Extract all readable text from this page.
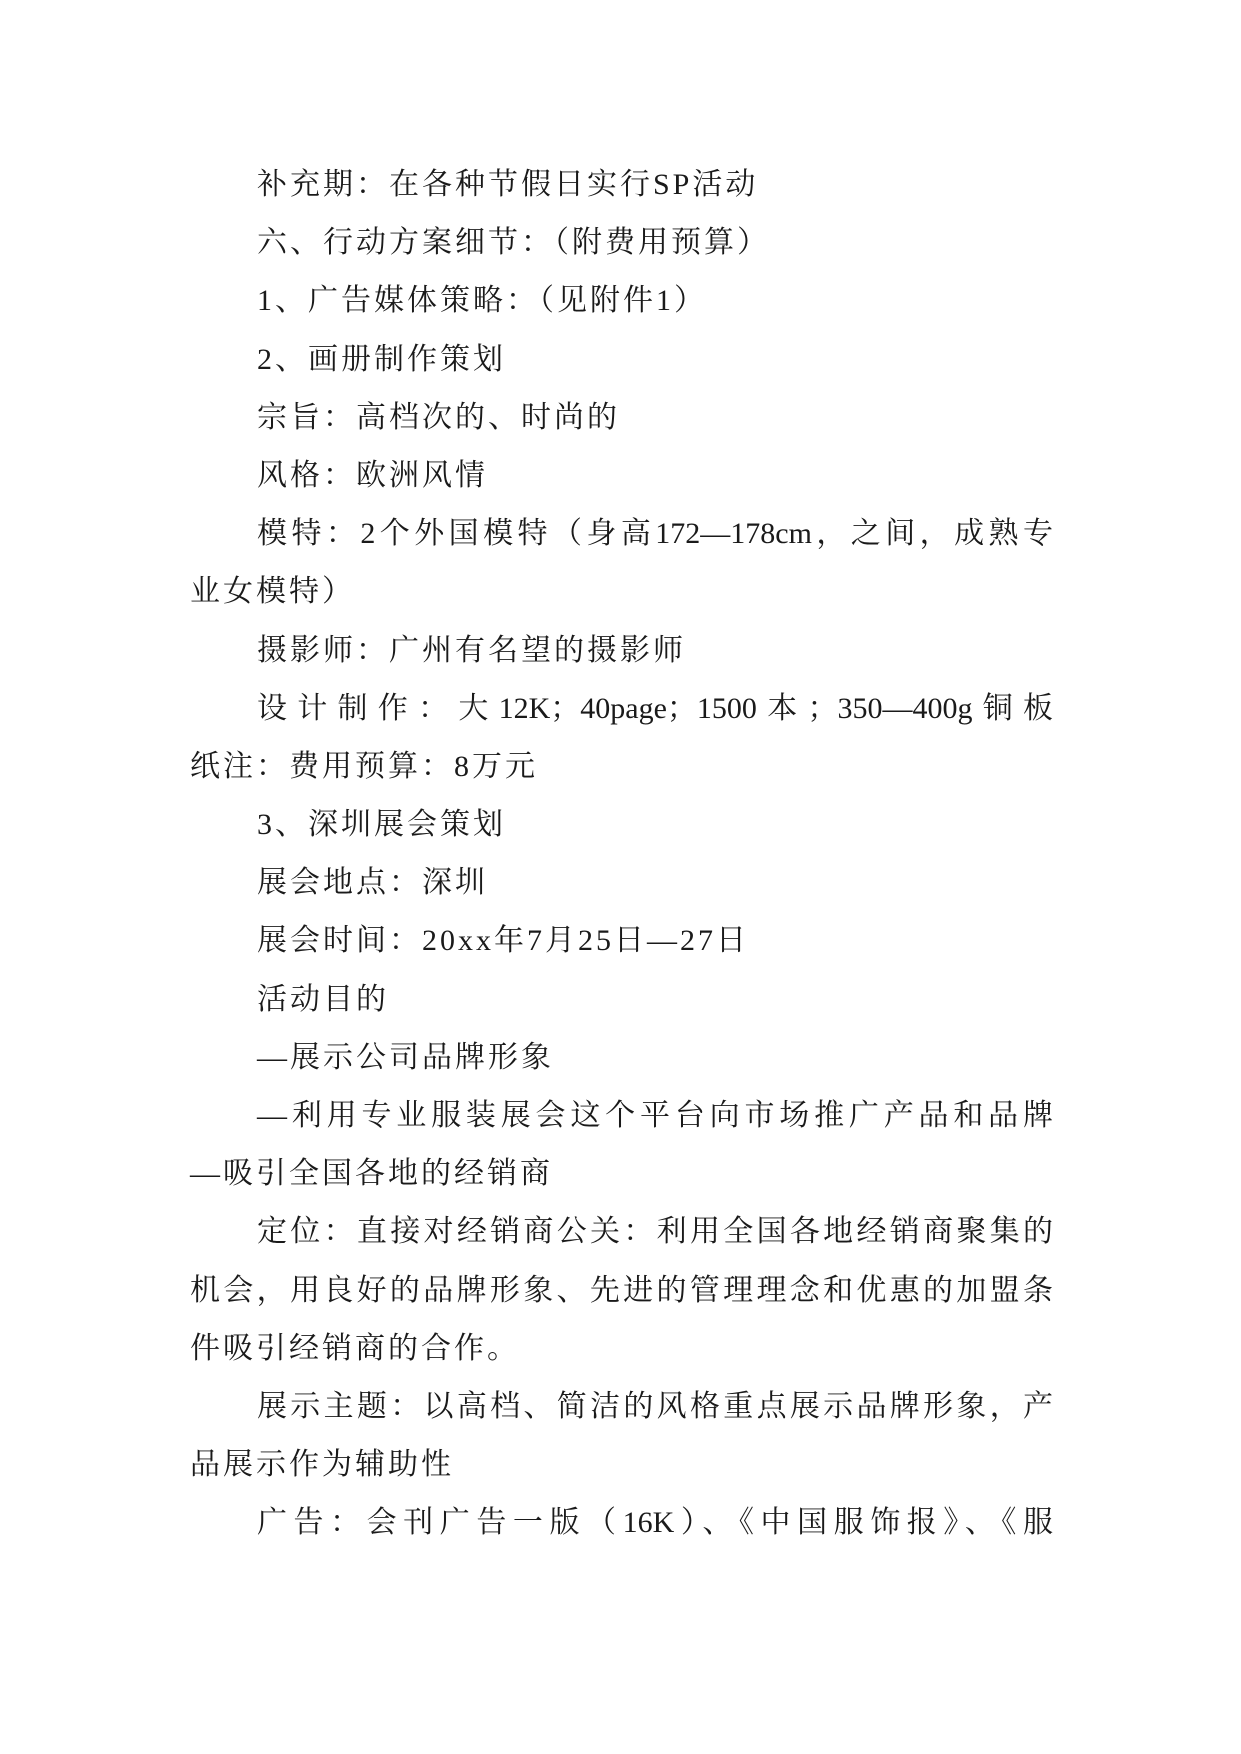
补充期：在各种节假日实行SP活动
六、行动方案细节：（附费用预算）
1、广告媒体策略：（见附件1）
2、画册制作策划
宗旨：高档次的、时尚的
风格：欧洲风情
模特：2个外国模特（身高172—178cm，之间，成熟专
业女模特）
摄影师：广州有名望的摄影师
设计制作：大12K；40page；1500本；350—400g铜板
纸注：费用预算：8万元
3、深圳展会策划
展会地点：深圳
展会时间：20xx年7月25日—27日
活动目的
—展示公司品牌形象
—利用专业服装展会这个平台向市场推广产品和品牌
—吸引全国各地的经销商
定位：直接对经销商公关：利用全国各地经销商聚集的
机会，用良好的品牌形象、先进的管理理念和优惠的加盟条
件吸引经销商的合作。
展示主题：以高档、简洁的风格重点展示品牌形象，产
品展示作为辅助性
广告：会刊广告一版（16K）、《中国服饰报》、《服
